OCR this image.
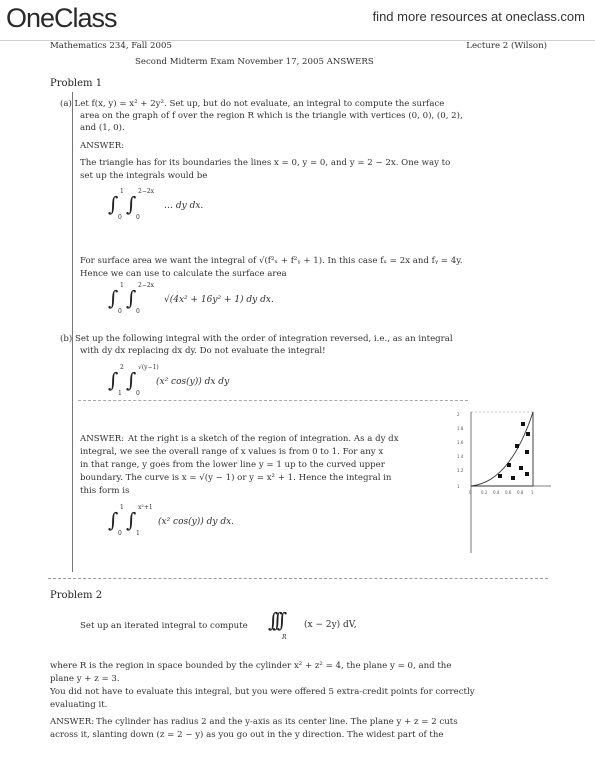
OneClass	find more resources at oneclass.com
Mathematics 234, Fall 2005	Lecture 2 (Wilson)
Second Midterm Exam November 17, 2005 ANSWERS
Problem 1
(a) Let f(x, y) = x² + 2y². Set up, but do not evaluate, an integral to compute the surface
area on the graph of f over the region R which is the triangle with vertices (0, 0), (0, 2),
and (1, 0).
ANSWER:
The triangle has for its boundaries the lines x = 0, y = 0, and y = 2 − 2x. One way to
set up the integrals would be
∫
1
0
∫
2−2x
0
… dy dx.
For surface area we want the integral of √(f²ₓ + f²ᵧ + 1). In this case fₓ = 2x and fᵧ = 4y.
Hence we can use to calculate the surface area
∫
1
0
∫
2−2x
0
√(4x² + 16y² + 1) dy dx.
(b) Set up the following integral with the order of integration reversed, i.e., as an integral
with dy dx replacing dx dy. Do not evaluate the integral!
∫
2
1
∫
√(y−1)
0
(x² cos(y)) dx dy
ANSWER: At the right is a sketch of the region of integration. As a dy dx
integral, we see the overall range of x values is from 0 to 1. For any x
in that range, y goes from the lower line y = 1 up to the curved upper
boundary. The curve is x = √(y − 1) or y = x² + 1. Hence the integral in
this form is
∫
1
0
∫
x²+1
1
(x² cos(y)) dy dx.
2
1.8
1.6
1.4
1.2
1
0 0.2 0.4 0.6 0.8 1
Problem 2
Set up an iterated integral to compute ∫∫∫
R
(x − 2y) dV,
where R is the region in space bounded by the cylinder x² + z² = 4, the plane y = 0, and the
plane y + z = 3.
You did not have to evaluate this integral, but you were offered 5 extra-credit points for correctly
evaluating it.
ANSWER: The cylinder has radius 2 and the y-axis as its center line. The plane y + z = 2 cuts
across it, slanting down (z = 2 − y) as you go out in the y direction. The widest part of the
